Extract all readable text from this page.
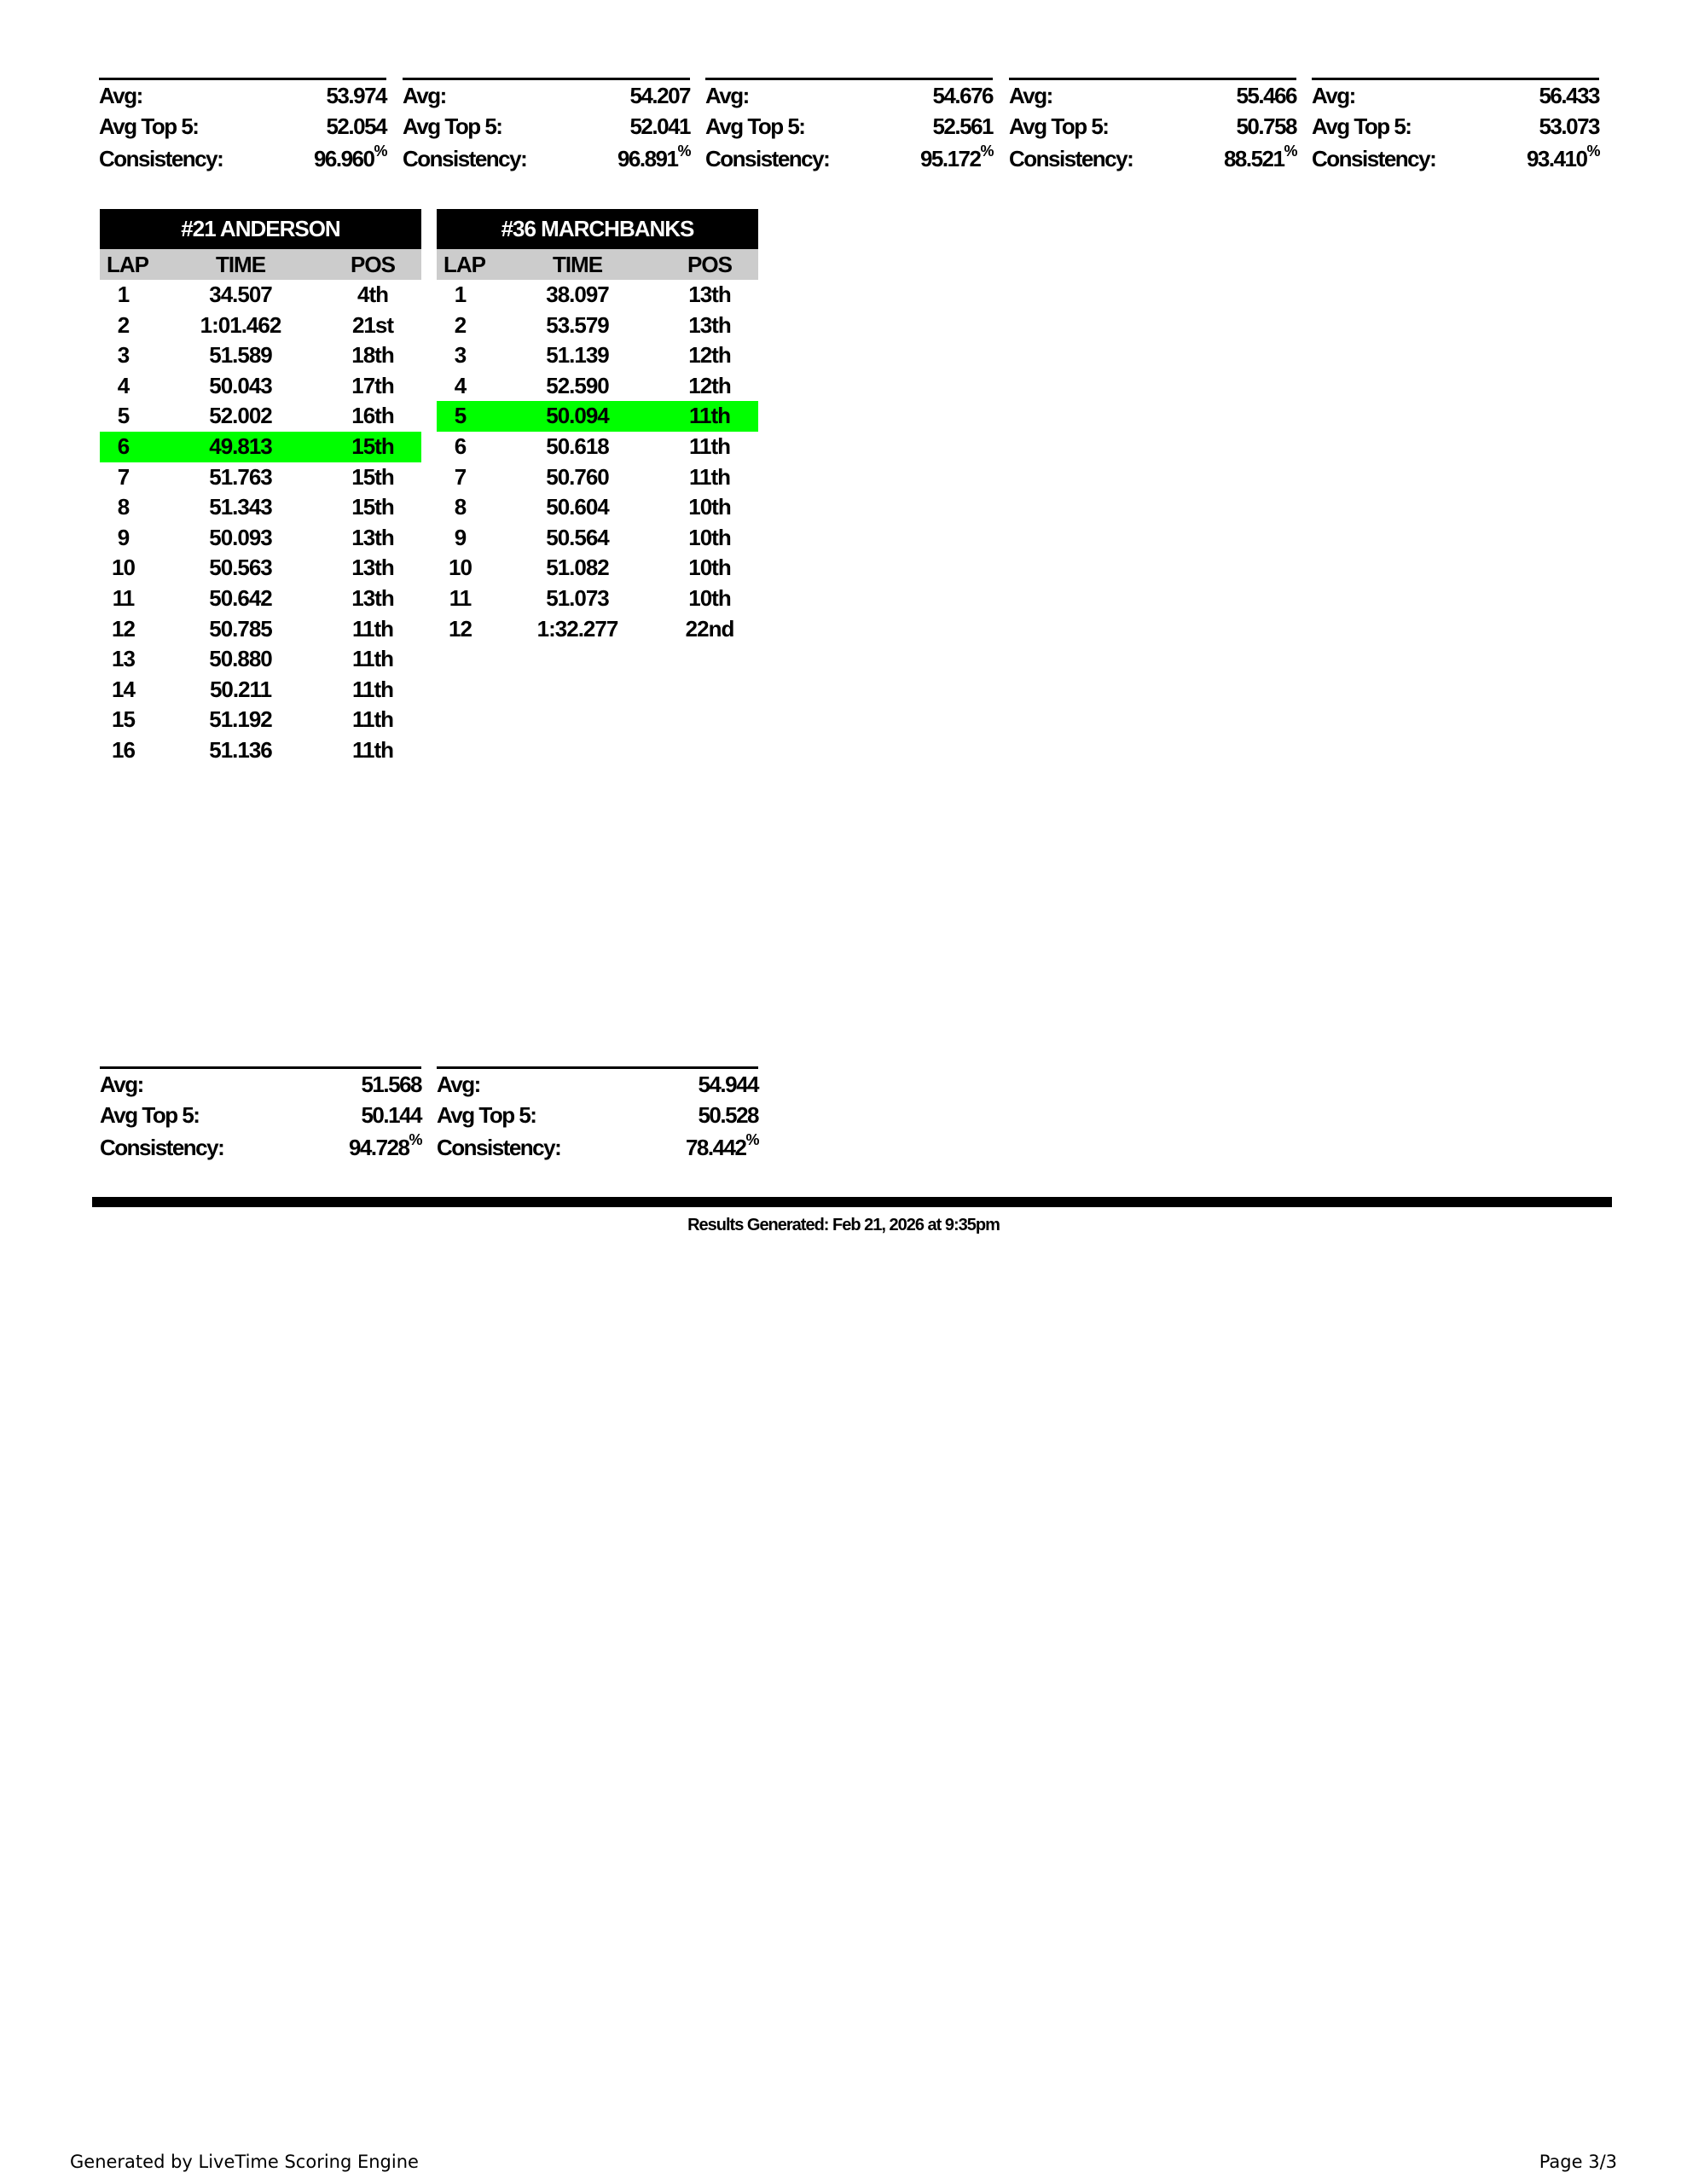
Avg:	53.974
Avg Top 5:	52.054
Consistency:	96.960%
Avg:	54.207
Avg Top 5:	52.041
Consistency:	96.891%
Avg:	54.676
Avg Top 5:	52.561
Consistency:	95.172%
Avg:	55.466
Avg Top 5:	50.758
Consistency:	88.521%
Avg:	56.433
Avg Top 5:	53.073
Consistency:	93.410%
#21 ANDERSON
LAP	TIME	POS
1	34.507	4th
2	1:01.462	21st
3	51.589	18th
4	50.043	17th
5	52.002	16th
6	49.813	15th
7	51.763	15th
8	51.343	15th
9	50.093	13th
10	50.563	13th
11	50.642	13th
12	50.785	11th
13	50.880	11th
14	50.211	11th
15	51.192	11th
16	51.136	11th
#36 MARCHBANKS
LAP	TIME	POS
1	38.097	13th
2	53.579	13th
3	51.139	12th
4	52.590	12th
5	50.094	11th
6	50.618	11th
7	50.760	11th
8	50.604	10th
9	50.564	10th
10	51.082	10th
11	51.073	10th
12	1:32.277	22nd
Avg:	51.568
Avg Top 5:	50.144
Consistency:	94.728%
Avg:	54.944
Avg Top 5:	50.528
Consistency:	78.442%
Results Generated: Feb 21, 2026 at 9:35pm
Generated by LiveTime Scoring Engine	Page 3/3
